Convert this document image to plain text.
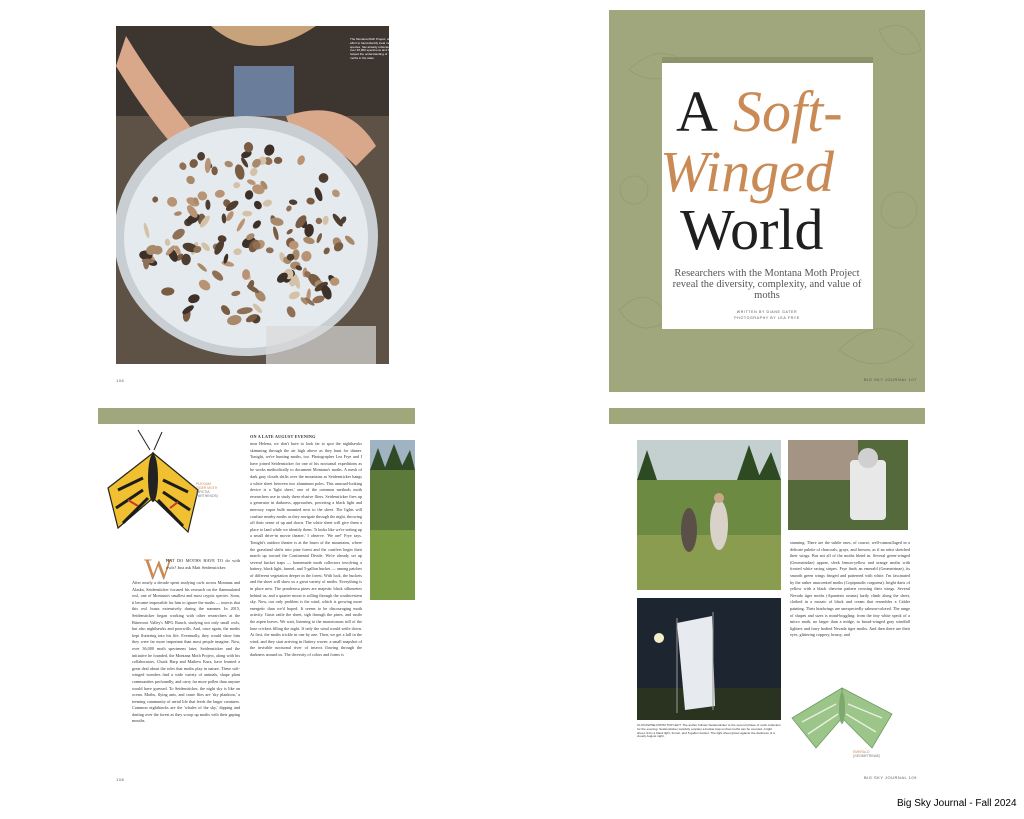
The Montana Moth Project, an effort to hand-identify local moth species, has already collected over 36,000 specimens and has helped the understanding of moths in the state.
106
A Soft-
Winged
World
Researchers with the Montana Moth Project reveal the diversity, complexity, and value of moths
WRITTEN BY DIANE GATER
PHOTOGRAPHY BY LEA FRYE
BIG SKY JOURNAL 107
PLEXIUM
TIGER MOTH
(ARCTIA
PARTHENOS)
W
HAT DO MOTHS HAVE TO do with owls? Just ask Matt Seidensticker.
After nearly a decade spent studying owls across Montana and Alaska, Seidensticker focused his research on the flammulated owl, one of Montana's smallest and most cryptic species. Soon, it became impossible for him to ignore the moths — insects that this owl hunts extensively during the summer. In 2015, Seidensticker began working with other researchers at the Bitterroot Valley's MPG Ranch, studying not only small owls, but also nighthawks and poorwills. And, once again, the moths kept fluttering into his life. Eventually, they would show him they were far more important than most people imagine. Now, over 36,000 moth specimens later, Seidensticker and the initiative he founded, the Montana Moth Project, along with his collaborators, Chuck Harp and Mathew Kurz, have learned a great deal about the roles that moths play in nature. These soft-winged wonders find a wide variety of animals, shape plant communities profoundly, and carry far more pollen than anyone would have guessed. To Seidensticker, the night sky is like an ocean. Moths, flying ants, and crane flies are 'sky plankton,' a teeming community of aerial life that feeds the larger creatures. Common nighthawks are the 'whales of the sky,' dipping and darting over the forest as they scoop up moths with their gaping mouths.
ON A LATE AUGUST EVENING
near Helena, we don't have to look far to spot the nighthawks skimming through the air high above as they hunt for dinner. Tonight, we're hunting moths, too. Photographer Lea Frye and I have joined Seidensticker for one of his nocturnal expeditions as he works methodically to document Montana's moths. A mesh of dark gray clouds shifts over the mountains as Seidensticker hangs a white sheet between two aluminum poles. This unusual-looking device is a 'light sheet,' one of the common methods moth researchers use to study these elusive fliers. Seidensticker fires up a generator in darkness, approaches, powering a black light and mercury vapor bulb mounted next to the sheet. The lights will confuse nearby moths as they navigate through the night, throwing off their sense of up and down. The white sheet will give them a place to land while we identify them. 'It looks like we're setting up a small drive-in movie theater,' I observe. 'We are!' Frye says. Tonight's outdoor theater is at the bases of the mountains, where the grassland shifts into pine forest and the conifers begin their march up toward the Continental Divide. We're already set up several bucket traps — homemade moth collectors involving a battery, black light, funnel, and 5-gallon bucket — among patches of different vegetation deeper in the forest. With luck, the buckets and the sheet will show us a great variety of moths. Everything is in place now. The ponderosa pines are majestic black silhouettes behind us, and a quarter moon is rolling through the southwestern sky. Now, our only problem is the wind, which is growing more energetic than we'd hoped. It seems to be discouraging moth activity. Gusts rattle the sheet, sigh through the pines, and rustle the aspen leaves. We wait, listening to the monotonous trill of the lone crickets filling the night. If only the wind would settle down. At first, the moths trickle in one by one. Then, we get a lull in the wind, and they start arriving in fluttery waves: a small snapshot of the invisible nocturnal river of insects flowing through the darkness around us. The diversity of colors and forms is
108
CLOCKWISE FROM TOP LEFT: The author follows Seidensticker to the second phase of moth collection for the evening. Seidensticker carefully empties a bucket trap so that moths can be counted. A light sheet, lit by a black light, funnel, and 5-gallon bucket. The light sheet glows against the darkness of a cloudy August night.
stunning. There are the subtle ones, of course, well-camouflaged in a delicate palette of charcoals, grays, and browns, as if an artist sketched their wings. But not all of the moths blend in. Several green-winged (Geometridae) appear, sleek lemon-yellow and orange moths with frosted white racing stripes. Frye finds an emerald (Geometrinae), its smooth green wings fringed and patterned with white. I'm fascinated by the rather unaccented moths (Copipanolis corguena), bright darts of yellow with a black chevron pattern crossing their wings. Several Nevada tiger moths (Apantesis ornata) lazily climb along the sheet, clothed in a mosaic of black and cream that resembles a Calder painting. Their hindwings are unexpectedly salmon-colored. The range of shapes and sizes is mind-boggling: from the tiny white speck of a micro moth, no larger than a midge, to broad-winged gray windfall lighters and furry bodied Nevada tiger moths. And then there are their eyes, glittering coppery, brassy, and
EMERALD
(GEOMETRINAE)
BIG SKY JOURNAL 109
Big Sky Journal - Fall 2024
